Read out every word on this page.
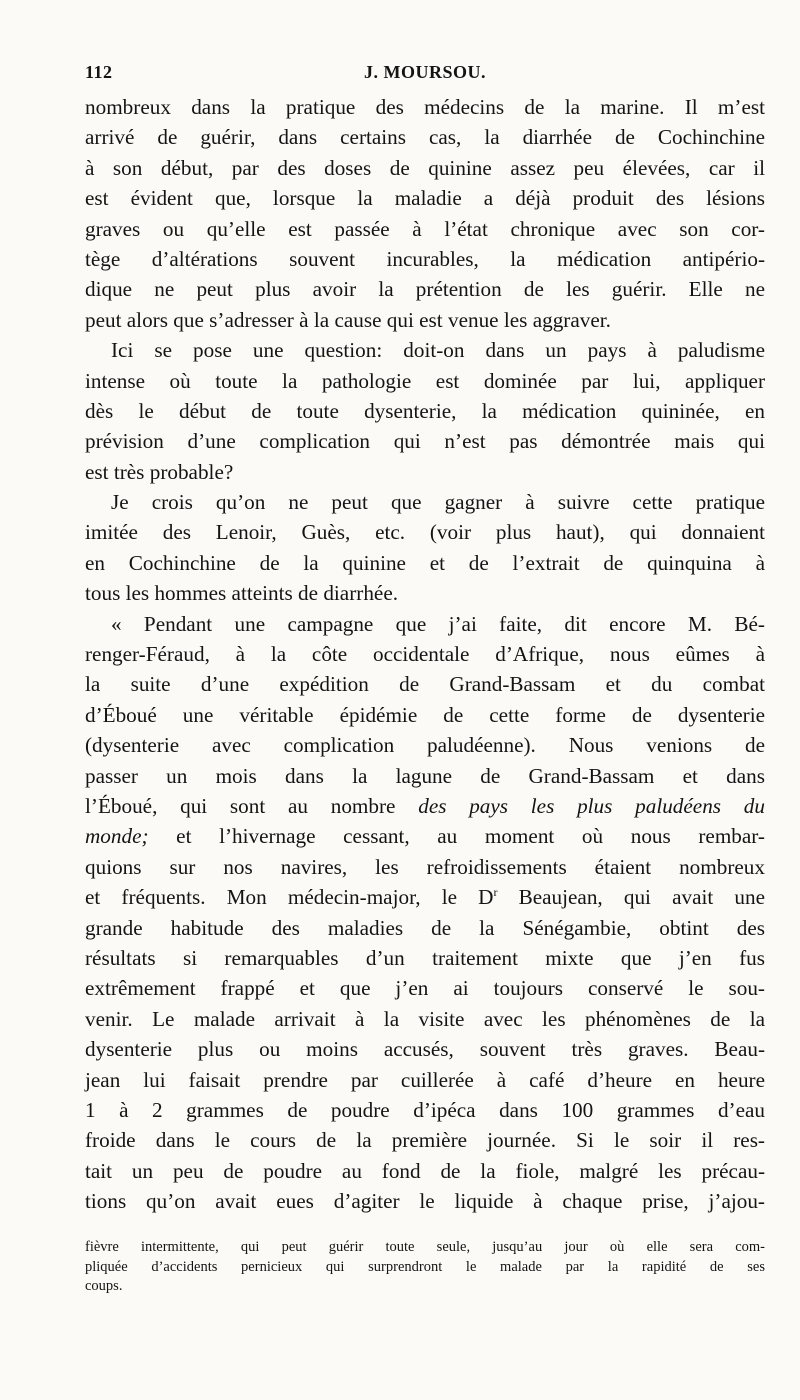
112	J. MOURSOU.
nombreux dans la pratique des médecins de la marine. Il m’est
arrivé de guérir, dans certains cas, la diarrhée de Cochinchine
à son début, par des doses de quinine assez peu élevées, car il
est évident que, lorsque la maladie a déjà produit des lésions
graves ou qu’elle est passée à l’état chronique avec son cor-
tège d’altérations souvent incurables, la médication antipério-
dique ne peut plus avoir la prétention de les guérir. Elle ne
peut alors que s’adresser à la cause qui est venue les aggraver.
Ici se pose une question: doit-on dans un pays à paludisme
intense où toute la pathologie est dominée par lui, appliquer
dès le début de toute dysenterie, la médication quininée, en
prévision d’une complication qui n’est pas démontrée mais qui
est très probable?
Je crois qu’on ne peut que gagner à suivre cette pratique
imitée des Lenoir, Guès, etc. (voir plus haut), qui donnaient
en Cochinchine de la quinine et de l’extrait de quinquina à
tous les hommes atteints de diarrhée.
« Pendant une campagne que j’ai faite, dit encore M. Bé-
renger-Féraud, à la côte occidentale d’Afrique, nous eûmes à
la suite d’une expédition de Grand-Bassam et du combat
d’Éboué une véritable épidémie de cette forme de dysenterie
(dysenterie avec complication paludéenne). Nous venions de
passer un mois dans la lagune de Grand-Bassam et dans
l’Éboué, qui sont au nombre des pays les plus paludéens du
monde; et l’hivernage cessant, au moment où nous rembar-
quions sur nos navires, les refroidissements étaient nombreux
et fréquents. Mon médecin-major, le $D^r$ Beaujean, qui avait une
grande habitude des maladies de la Sénégambie, obtint des
résultats si remarquables d’un traitement mixte que j’en fus
extrêmement frappé et que j’en ai toujours conservé le sou-
venir. Le malade arrivait à la visite avec les phénomènes de la
dysenterie plus ou moins accusés, souvent très graves. Beau-
jean lui faisait prendre par cuillerée à café d’heure en heure
1 à 2 grammes de poudre d’ipéca dans 100 grammes d’eau
froide dans le cours de la première journée. Si le soir il res-
tait un peu de poudre au fond de la fiole, malgré les précau-
tions qu’on avait eues d’agiter le liquide à chaque prise, j’ajou-
fièvre intermittente, qui peut guérir toute seule, jusqu’au jour où elle sera com-
pliquée d’accidents pernicieux qui surprendront le malade par la rapidité de ses
coups.
